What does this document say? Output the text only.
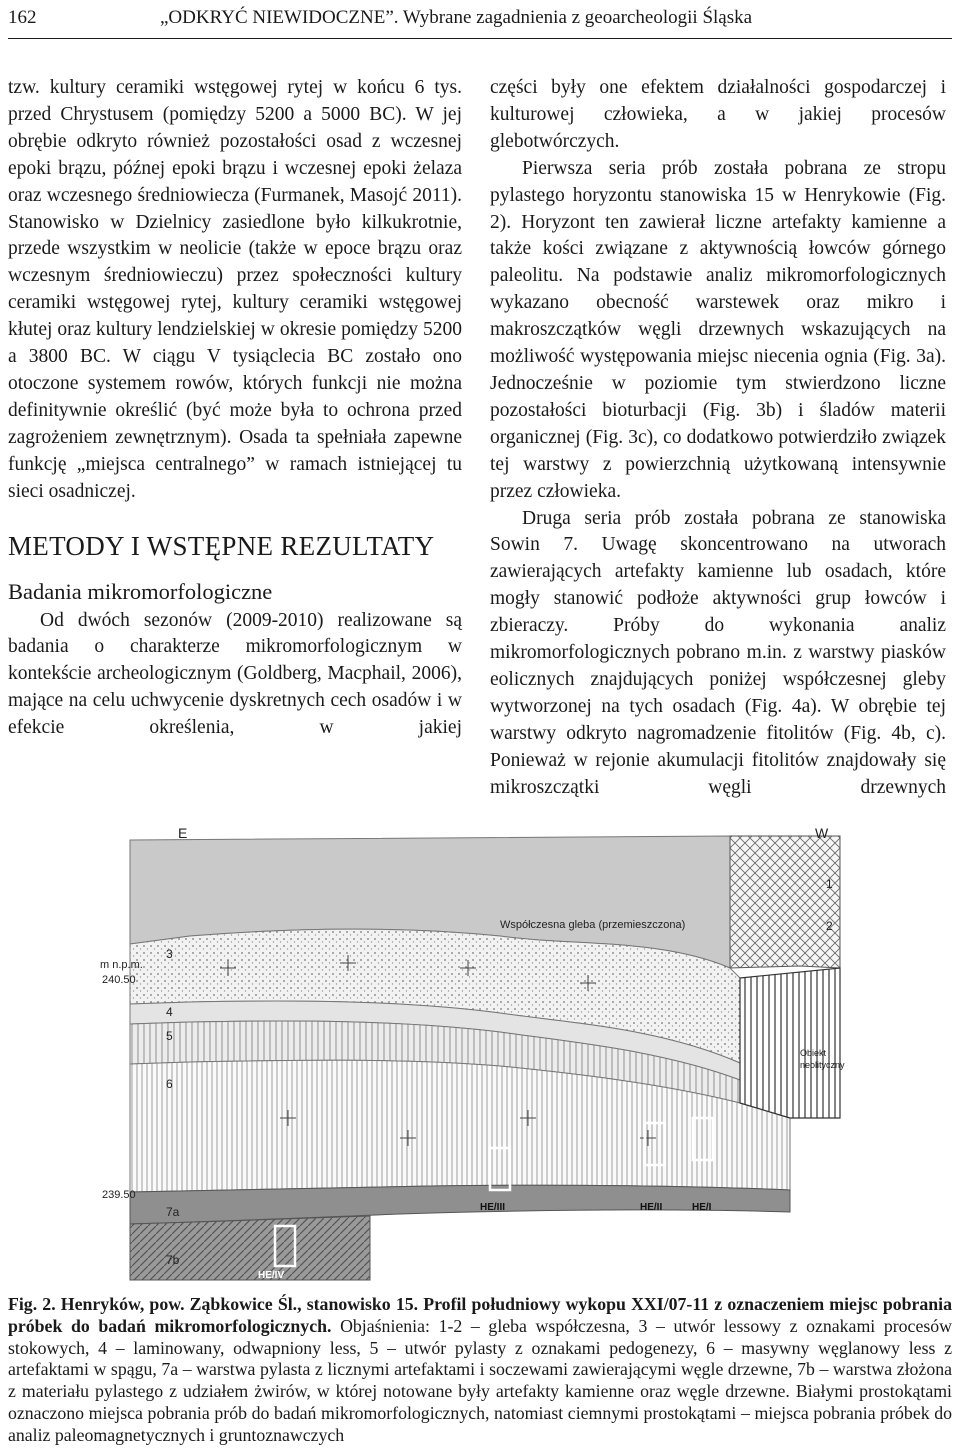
162	„ODKRYĆ NIEWIDOCZNE”. Wybrane zagadnienia z geoarcheologii Śląska

tzw. kultury ceramiki wstęgowej rytej w końcu 6 tys. przed Chrystusem (pomiędzy 5200 a 5000 BC). W jej obrębie odkryto również pozostałości osad z wczesnej epoki brązu, późnej epoki brązu i wczesnej epoki żelaza oraz wczesnego średniowiecza (Furmanek, Masojć 2011). Stanowisko w Dzielnicy zasiedlone było kilkukrotnie, przede wszystkim w neolicie (także w epoce brązu oraz wczesnym średniowieczu) przez społeczności kultury ceramiki wstęgowej rytej, kultury ceramiki wstęgowej kłutej oraz kultury lendzielskiej w okresie pomiędzy 5200 a 3800 BC. W ciągu V tysiąclecia BC zostało ono otoczone systemem rowów, których funkcji nie można definitywnie określić (być może była to ochrona przed zagrożeniem zewnętrznym). Osada ta spełniała zapewne funkcję „miejsca centralnego” w ramach istniejącej tu sieci osadniczej.

METODY I WSTĘPNE REZULTATY
Badania mikromorfologiczne

Od dwóch sezonów (2009-2010) realizowane są badania o charakterze mikromorfologicznym w kontekście archeologicznym (Goldberg, Macphail, 2006), mające na celu uchwycenie dyskretnych cech osadów i w efekcie określenia, w jakiej

części były one efektem działalności gospodarczej i kulturowej człowieka, a w jakiej procesów glebotwórczych.

Pierwsza seria prób została pobrana ze stropu pylastego horyzontu stanowiska 15 w Henrykowie (Fig. 2). Horyzont ten zawierał liczne artefakty kamienne a także kości związane z aktywnością łowców górnego paleolitu. Na podstawie analiz mikromorfologicznych wykazano obecność warstewek oraz mikro i makroszczątków węgli drzewnych wskazujących na możliwość występowania miejsc niecenia ognia (Fig. 3a). Jednocześnie w poziomie tym stwierdzono liczne pozostałości bioturbacji (Fig. 3b) i śladów materii organicznej (Fig. 3c), co dodatkowo potwierdziło związek tej warstwy z powierzchnią użytkowaną intensywnie przez człowieka.

Druga seria prób została pobrana ze stanowiska Sowin 7. Uwagę skoncentrowano na utworach zawierających artefakty kamienne lub osadach, które mogły stanowić podłoże aktywności grup łowców i zbieraczy. Próby do wykonania analiz mikromorfologicznych pobrano m.in. z warstwy piasków eolicznych znajdujących poniżej współczesnej gleby wytworzonej na tych osadach (Fig. 4a). W obrębie tej warstwy odkryto nagromadzenie fitolitów (Fig. 4b, c). Ponieważ w rejonie akumulacji fitolitów znajdowały się mikroszczątki węgli drzewnych

E	W
Współczesna gleba (przemieszczona)
Obiekt
neolityczny
m n.p.m.
240.50
239.50
3
4
5
6
7a
7b
1
2
HE/IV
HE/III	HE/II	HE/I

Fig. 2. Henryków, pow. Ząbkowice Śl., stanowisko 15. Profil południowy wykopu XXI/07-11 z oznaczeniem miejsc pobrania próbek do badań mikromorfologicznych. Objaśnienia: 1-2 – gleba współczesna, 3 – utwór lessowy z oznakami procesów stokowych, 4 – laminowany, odwapniony less, 5 – utwór pylasty z oznakami pedogenezy, 6 – masywny węglanowy less z artefaktami w spągu, 7a – warstwa pylasta z licznymi artefaktami i soczewami zawierającymi węgle drzewne, 7b – warstwa złożona z materiału pylastego z udziałem żwirów, w której notowane były artefakty kamienne oraz węgle drzewne. Białymi prostokątami oznaczono miejsca pobrania prób do badań mikromorfologicznych, natomiast ciemnymi prostokątami – miejsca pobrania próbek do analiz paleomagnetycznych i gruntoznawczych
